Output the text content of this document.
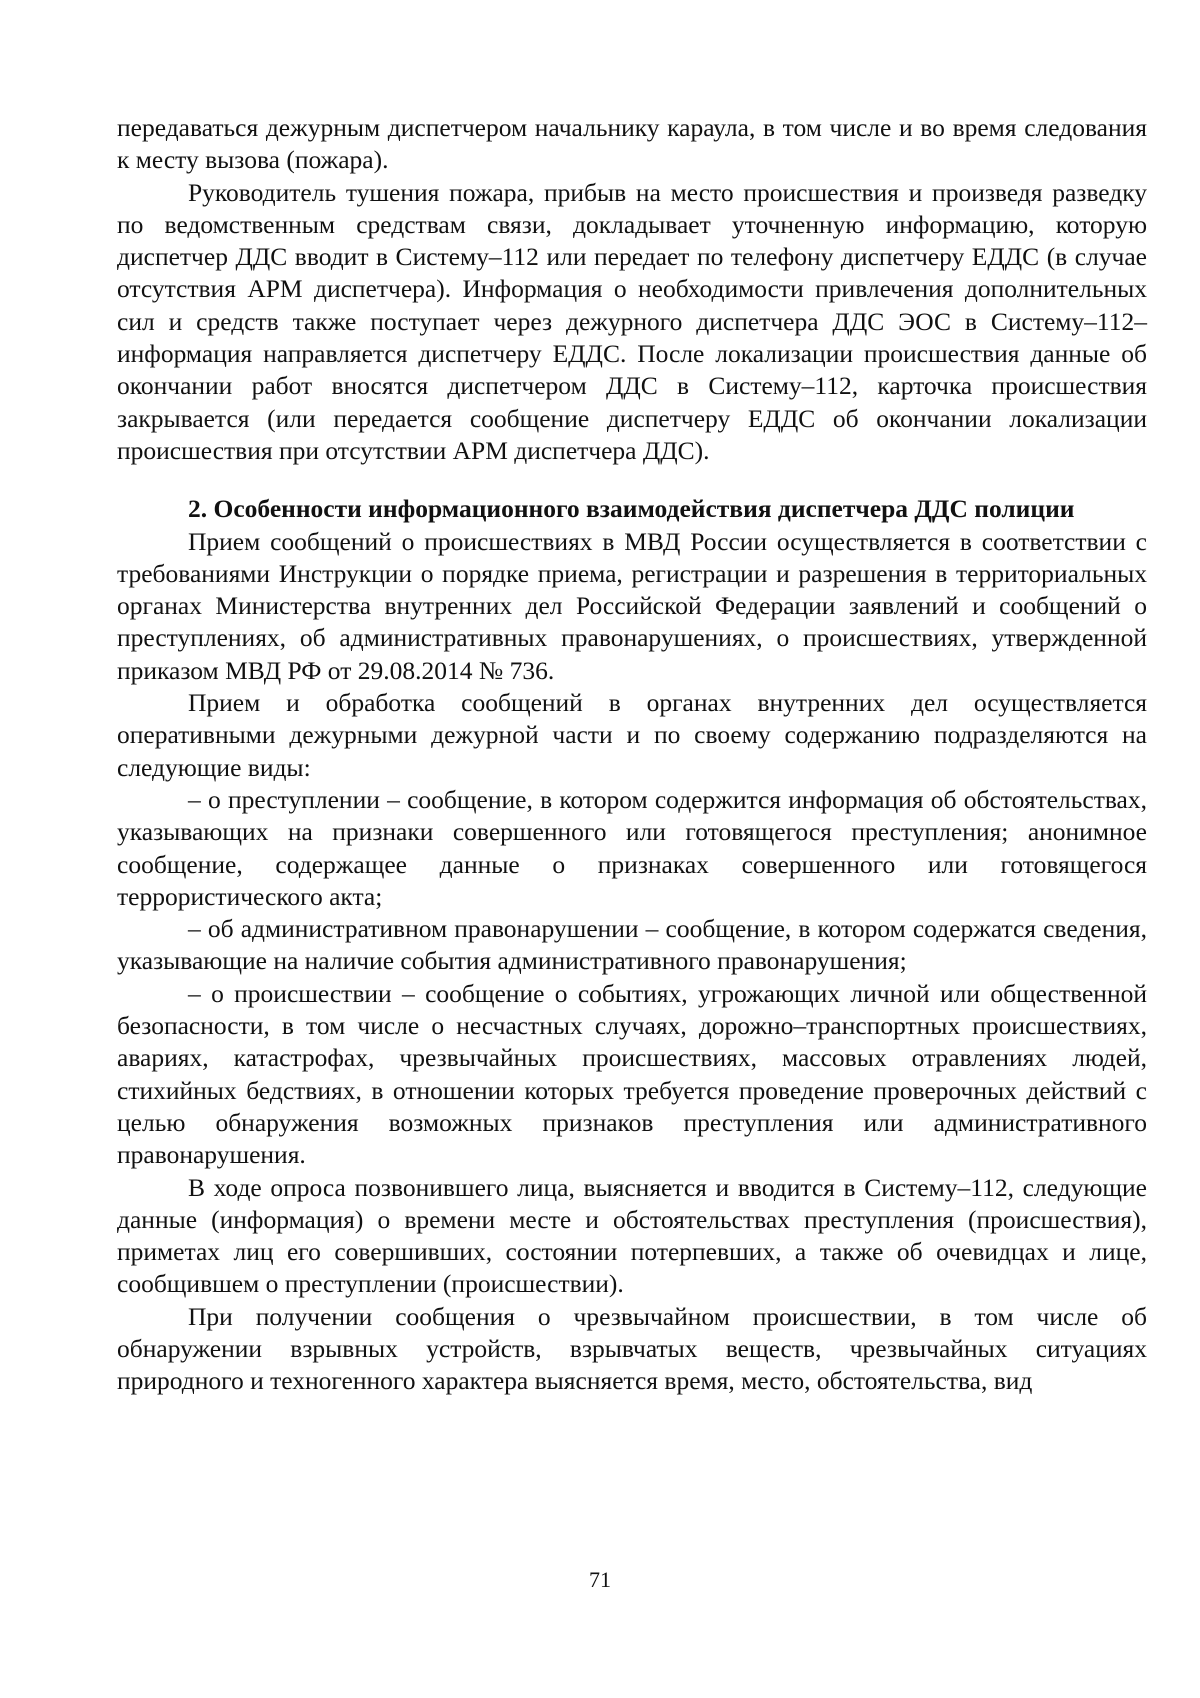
передаваться дежурным диспетчером начальнику караула, в том числе и во время следования к месту вызова (пожара).

Руководитель тушения пожара, прибыв на место происшествия и произведя разведку по ведомственным средствам связи, докладывает уточненную информацию, которую диспетчер ДДС вводит в Систему–112 или передает по телефону диспетчеру ЕДДС (в случае отсутствия АРМ диспетчера). Информация о необходимости привлечения дополнительных сил и средств также поступает через дежурного диспетчера ДДС ЭОС в Систему–112–информация направляется диспетчеру ЕДДС. После локализации происшествия данные об окончании работ вносятся диспетчером ДДС в Систему–112, карточка происшествия закрывается (или передается сообщение диспетчеру ЕДДС об окончании локализации происшествия при отсутствии АРМ диспетчера ДДС).

2. Особенности информационного взаимодействия диспетчера ДДС полиции

Прием сообщений о происшествиях в МВД России осуществляется в соответствии с требованиями Инструкции о порядке приема, регистрации и разрешения в территориальных органах Министерства внутренних дел Российской Федерации заявлений и сообщений о преступлениях, об административных правонарушениях, о происшествиях, утвержденной приказом МВД РФ от 29.08.2014 № 736.

Прием и обработка сообщений в органах внутренних дел осуществляется оперативными дежурными дежурной части и по своему содержанию подразделяются на следующие виды:

– о преступлении – сообщение, в котором содержится информация об обстоятельствах, указывающих на признаки совершенного или готовящегося преступления; анонимное сообщение, содержащее данные о признаках совершенного или готовящегося террористического акта;

– об административном правонарушении – сообщение, в котором содержатся сведения, указывающие на наличие события административного правонарушения;

– о происшествии – сообщение о событиях, угрожающих личной или общественной безопасности, в том числе о несчастных случаях, дорожно–транспортных происшествиях, авариях, катастрофах, чрезвычайных происшествиях, массовых отравлениях людей, стихийных бедствиях, в отношении которых требуется проведение проверочных действий с целью обнаружения возможных признаков преступления или административного правонарушения.

В ходе опроса позвонившего лица, выясняется и вводится в Систему–112, следующие данные (информация) о времени месте и обстоятельствах преступления (происшествия), приметах лиц его совершивших, состоянии потерпевших, а также об очевидцах и лице, сообщившем о преступлении (происшествии).

При получении сообщения о чрезвычайном происшествии, в том числе об обнаружении взрывных устройств, взрывчатых веществ, чрезвычайных ситуациях природного и техногенного характера выясняется время, место, обстоятельства, вид

71
